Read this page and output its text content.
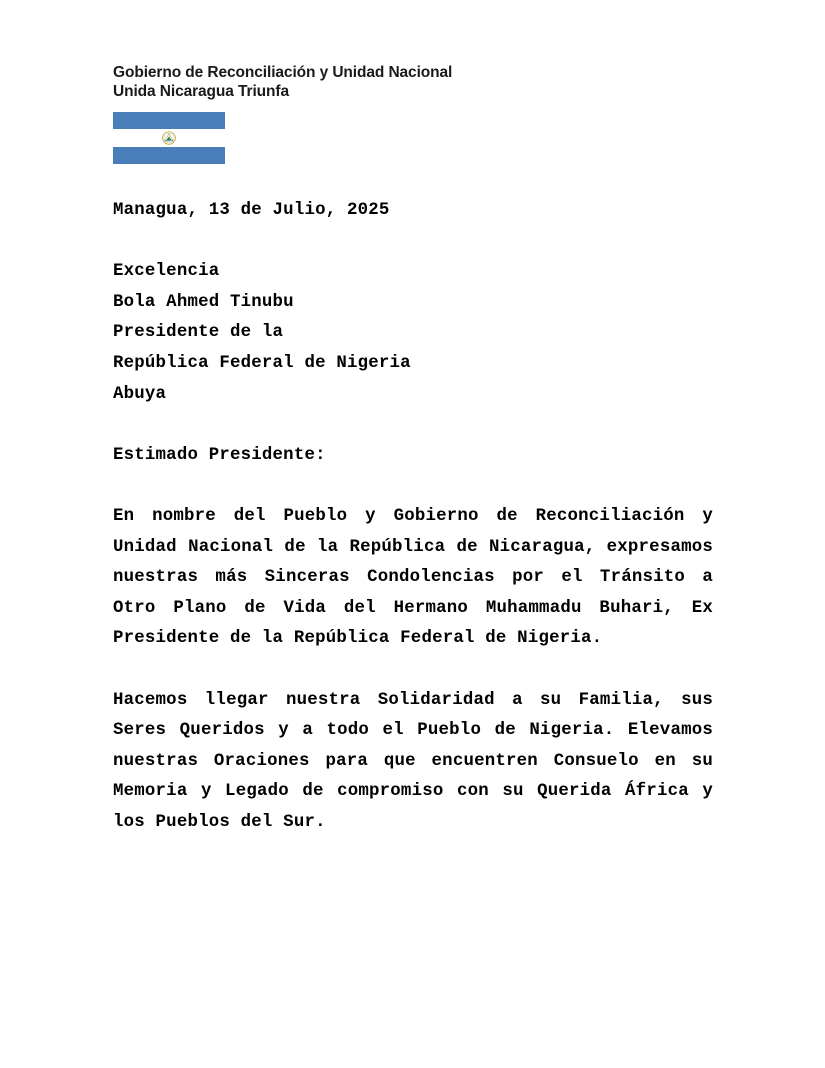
Gobierno de Reconciliación y Unidad Nacional
Unida Nicaragua Triunfa
Managua, 13 de Julio, 2025
Excelencia
Bola Ahmed Tinubu
Presidente de la
República Federal de Nigeria
Abuya
Estimado Presidente:

En nombre del Pueblo y Gobierno de Reconciliación y Unidad Nacional de la República de Nicaragua, expresamos nuestras más Sinceras Condolencias por el Tránsito a Otro Plano de Vida del Hermano Muhammadu Buhari, Ex Presidente de la República Federal de Nigeria.

Hacemos llegar nuestra Solidaridad a su Familia, sus Seres Queridos y a todo el Pueblo de Nigeria. Elevamos nuestras Oraciones para que encuentren Consuelo en su Memoria y Legado de compromiso con su Querida África y los Pueblos del Sur.
